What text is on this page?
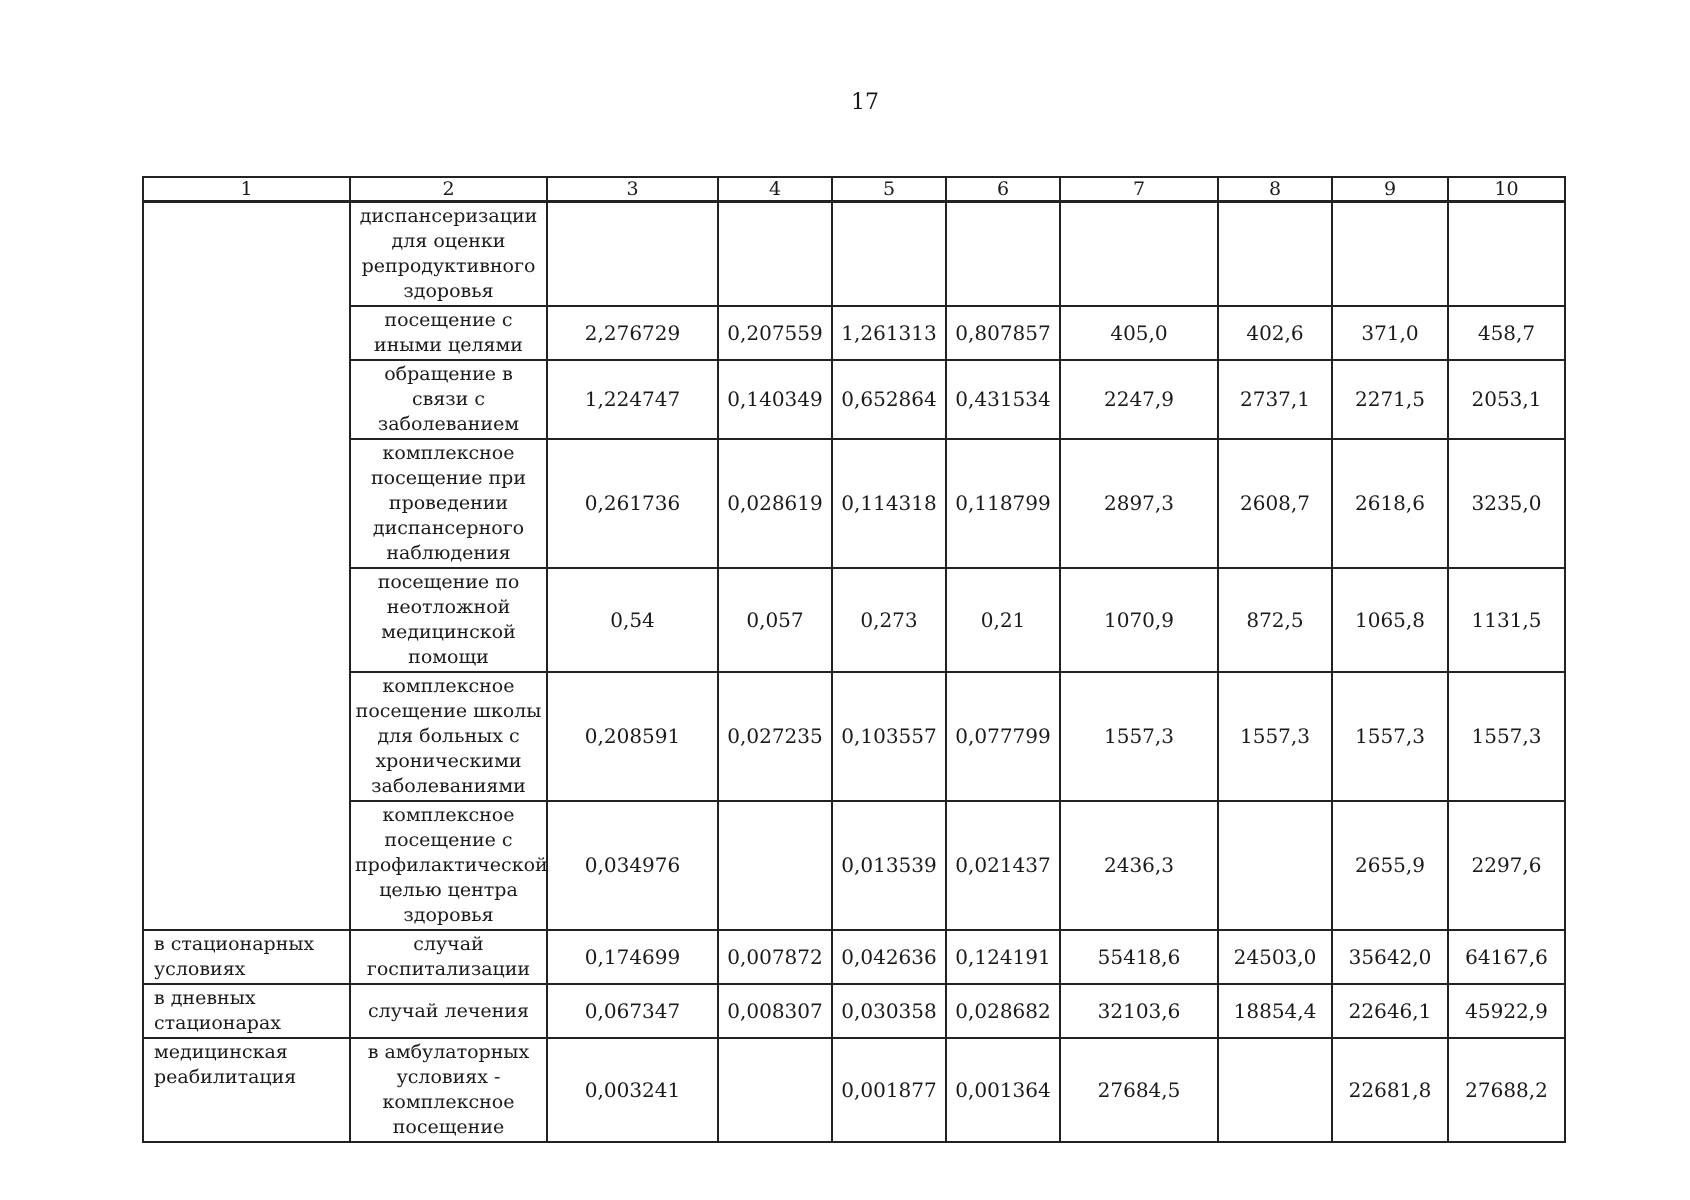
17
1	2	3	4	5	6	7	8	9	10
	диспансеризации для оценки репродуктивного здоровья								
	посещение с иными целями	2,276729	0,207559	1,261313	0,807857	405,0	402,6	371,0	458,7
	обращение в связи с заболеванием	1,224747	0,140349	0,652864	0,431534	2247,9	2737,1	2271,5	2053,1
	комплексное посещение при проведении диспансерного наблюдения	0,261736	0,028619	0,114318	0,118799	2897,3	2608,7	2618,6	3235,0
	посещение по неотложной медицинской помощи	0,54	0,057	0,273	0,21	1070,9	872,5	1065,8	1131,5
	комплексное посещение школы для больных с хроническими заболеваниями	0,208591	0,027235	0,103557	0,077799	1557,3	1557,3	1557,3	1557,3
	комплексное посещение с профилактической целью центра здоровья	0,034976		0,013539	0,021437	2436,3		2655,9	2297,6
в стационарных условиях	случай госпитализации	0,174699	0,007872	0,042636	0,124191	55418,6	24503,0	35642,0	64167,6
в дневных стационарах	случай лечения	0,067347	0,008307	0,030358	0,028682	32103,6	18854,4	22646,1	45922,9
медицинская реабилитация	в амбулаторных условиях - комплексное посещение	0,003241		0,001877	0,001364	27684,5		22681,8	27688,2
